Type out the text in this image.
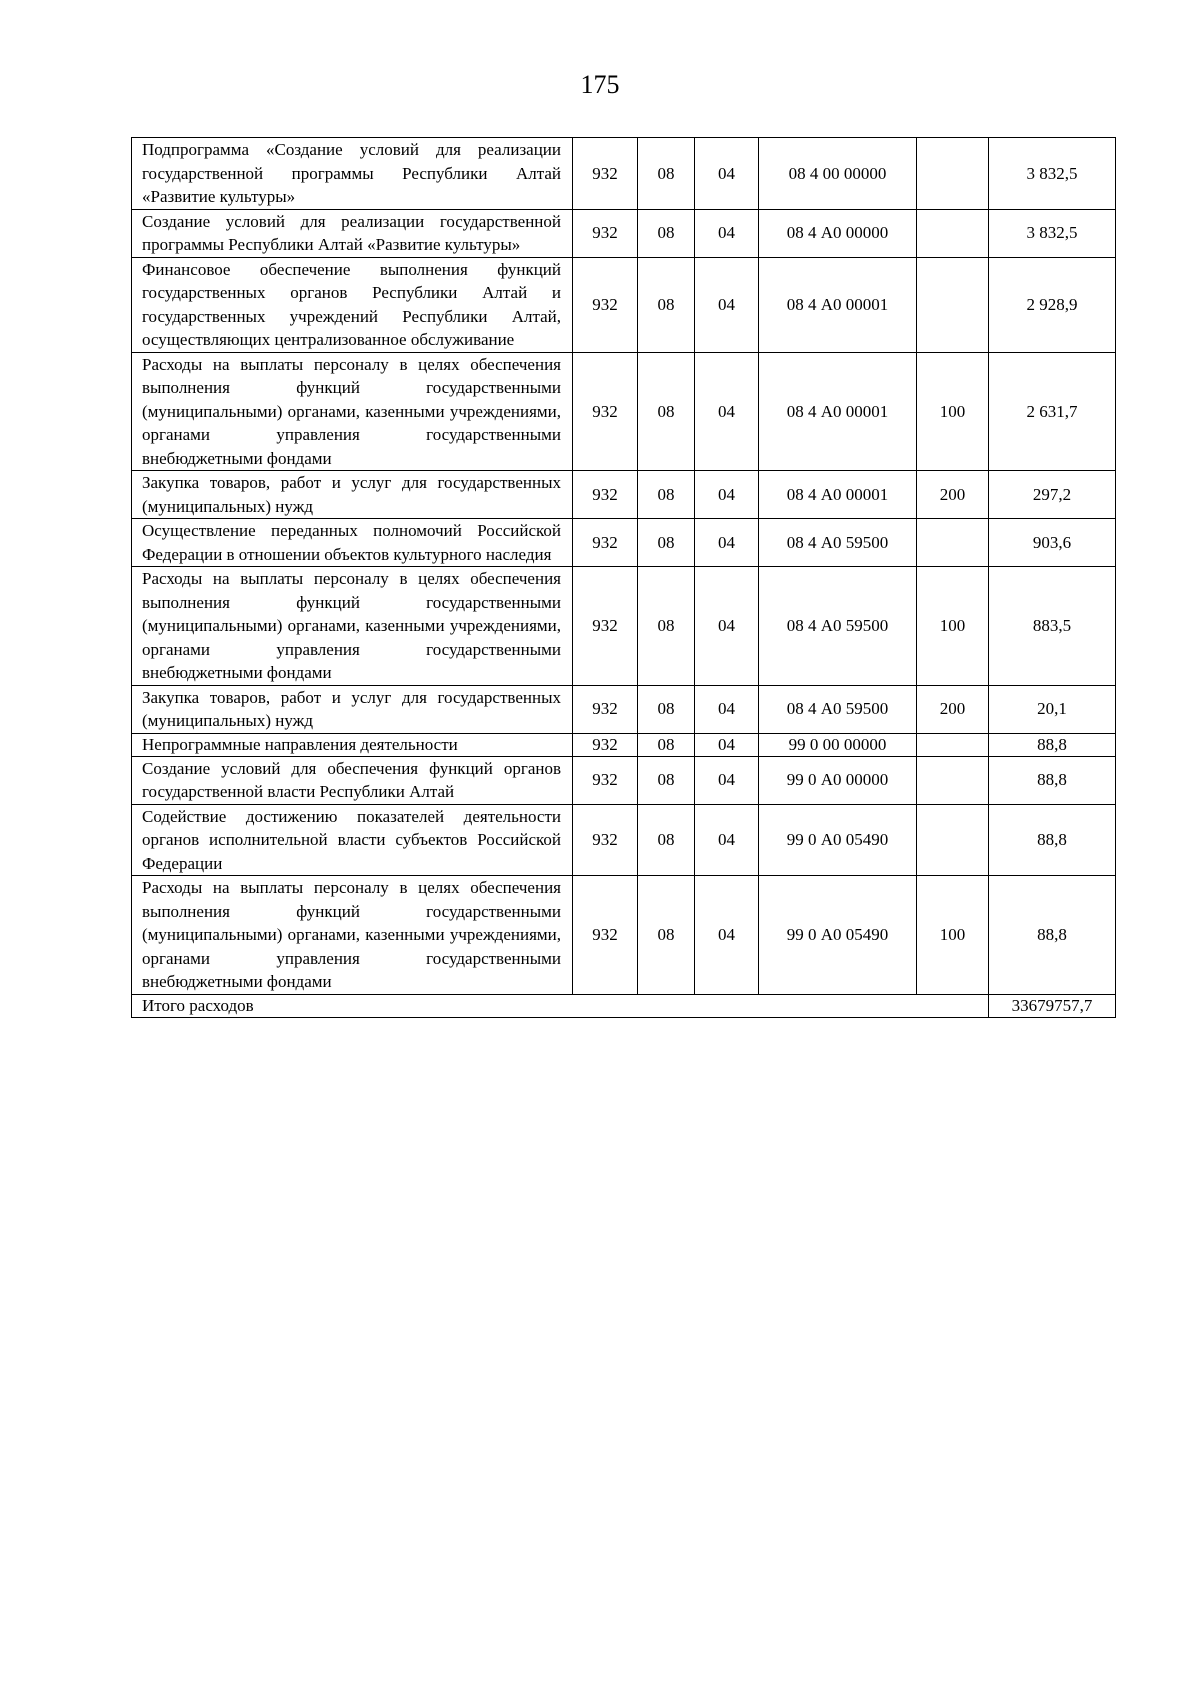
175
Подпрограмма «Создание условий для реализации государственной программы Республики Алтай «Развитие культуры»	932	08	04	08 4 00 00000		3 832,5
Создание условий для реализации государственной программы Республики Алтай «Развитие культуры»	932	08	04	08 4 А0 00000		3 832,5
Финансовое обеспечение выполнения функций государственных органов Республики Алтай и государственных учреждений Республики Алтай, осуществляющих централизованное обслуживание	932	08	04	08 4 А0 00001		2 928,9
Расходы на выплаты персоналу в целях обеспечения выполнения функций государственными (муниципальными) органами, казенными учреждениями, органами управления государственными внебюджетными фондами	932	08	04	08 4 А0 00001	100	2 631,7
Закупка товаров, работ и услуг для государственных (муниципальных) нужд	932	08	04	08 4 А0 00001	200	297,2
Осуществление переданных полномочий Российской Федерации в отношении объектов культурного наследия	932	08	04	08 4 А0 59500		903,6
Расходы на выплаты персоналу в целях обеспечения выполнения функций государственными (муниципальными) органами, казенными учреждениями, органами управления государственными внебюджетными фондами	932	08	04	08 4 А0 59500	100	883,5
Закупка товаров, работ и услуг для государственных (муниципальных) нужд	932	08	04	08 4 А0 59500	200	20,1
Непрограммные направления деятельности	932	08	04	99 0 00 00000		88,8
Создание условий для обеспечения функций органов государственной власти Республики Алтай	932	08	04	99 0 А0 00000		88,8
Содействие достижению показателей деятельности органов исполнительной власти субъектов Российской Федерации	932	08	04	99 0 А0 05490		88,8
Расходы на выплаты персоналу в целях обеспечения выполнения функций государственными (муниципальными) органами, казенными учреждениями, органами управления государственными внебюджетными фондами	932	08	04	99 0 А0 05490	100	88,8
Итого расходов						33679757,7
